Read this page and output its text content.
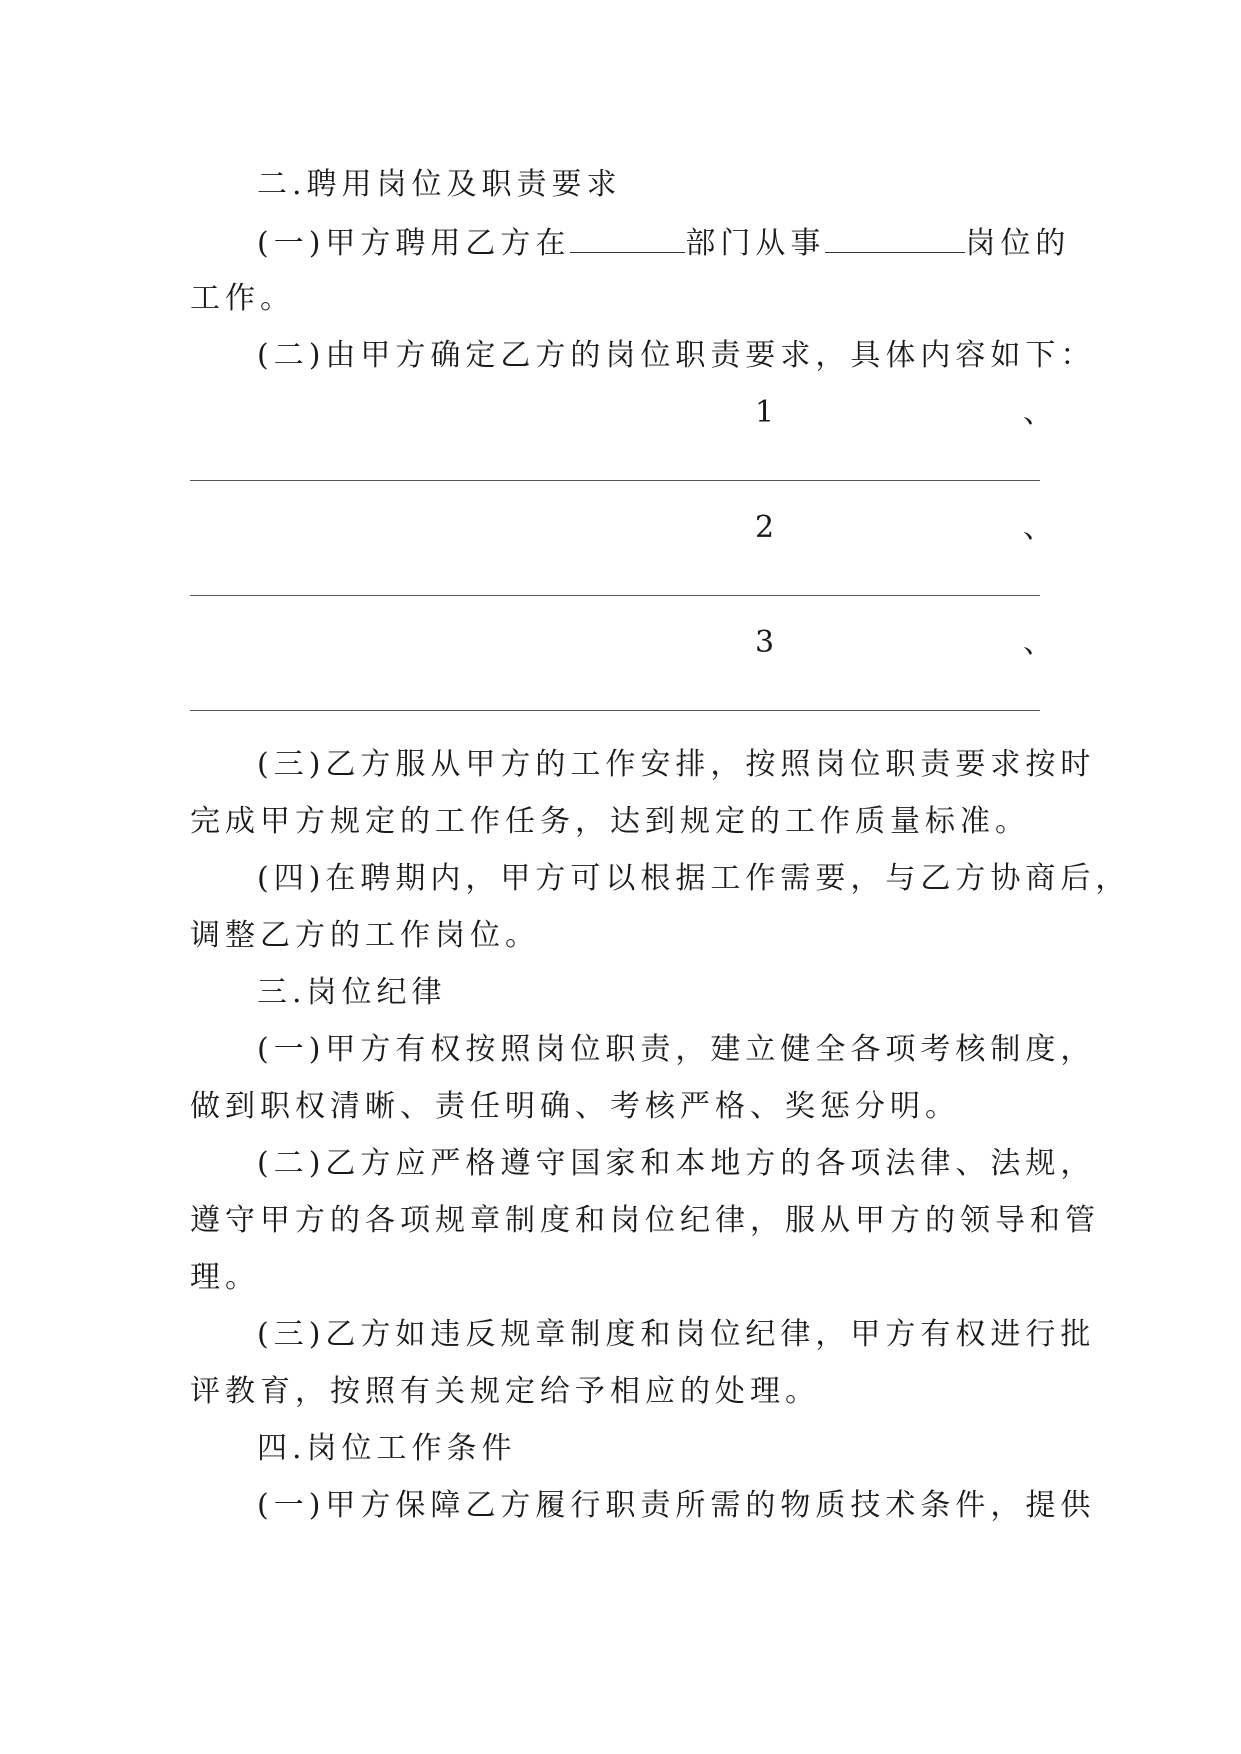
二.聘用岗位及职责要求
(一)甲方聘用乙方在	部门从事	岗位的
工作。
(二)由甲方确定乙方的岗位职责要求，具体内容如下：
1	、
2	、
3	、
(三)乙方服从甲方的工作安排，按照岗位职责要求按时
完成甲方规定的工作任务，达到规定的工作质量标准。
(四)在聘期内，甲方可以根据工作需要，与乙方协商后，
调整乙方的工作岗位。
三.岗位纪律
(一)甲方有权按照岗位职责，建立健全各项考核制度，
做到职权清晰、责任明确、考核严格、奖惩分明。
(二)乙方应严格遵守国家和本地方的各项法律、法规，
遵守甲方的各项规章制度和岗位纪律，服从甲方的领导和管
理。
(三)乙方如违反规章制度和岗位纪律，甲方有权进行批
评教育，按照有关规定给予相应的处理。
四.岗位工作条件
(一)甲方保障乙方履行职责所需的物质技术条件，提供
